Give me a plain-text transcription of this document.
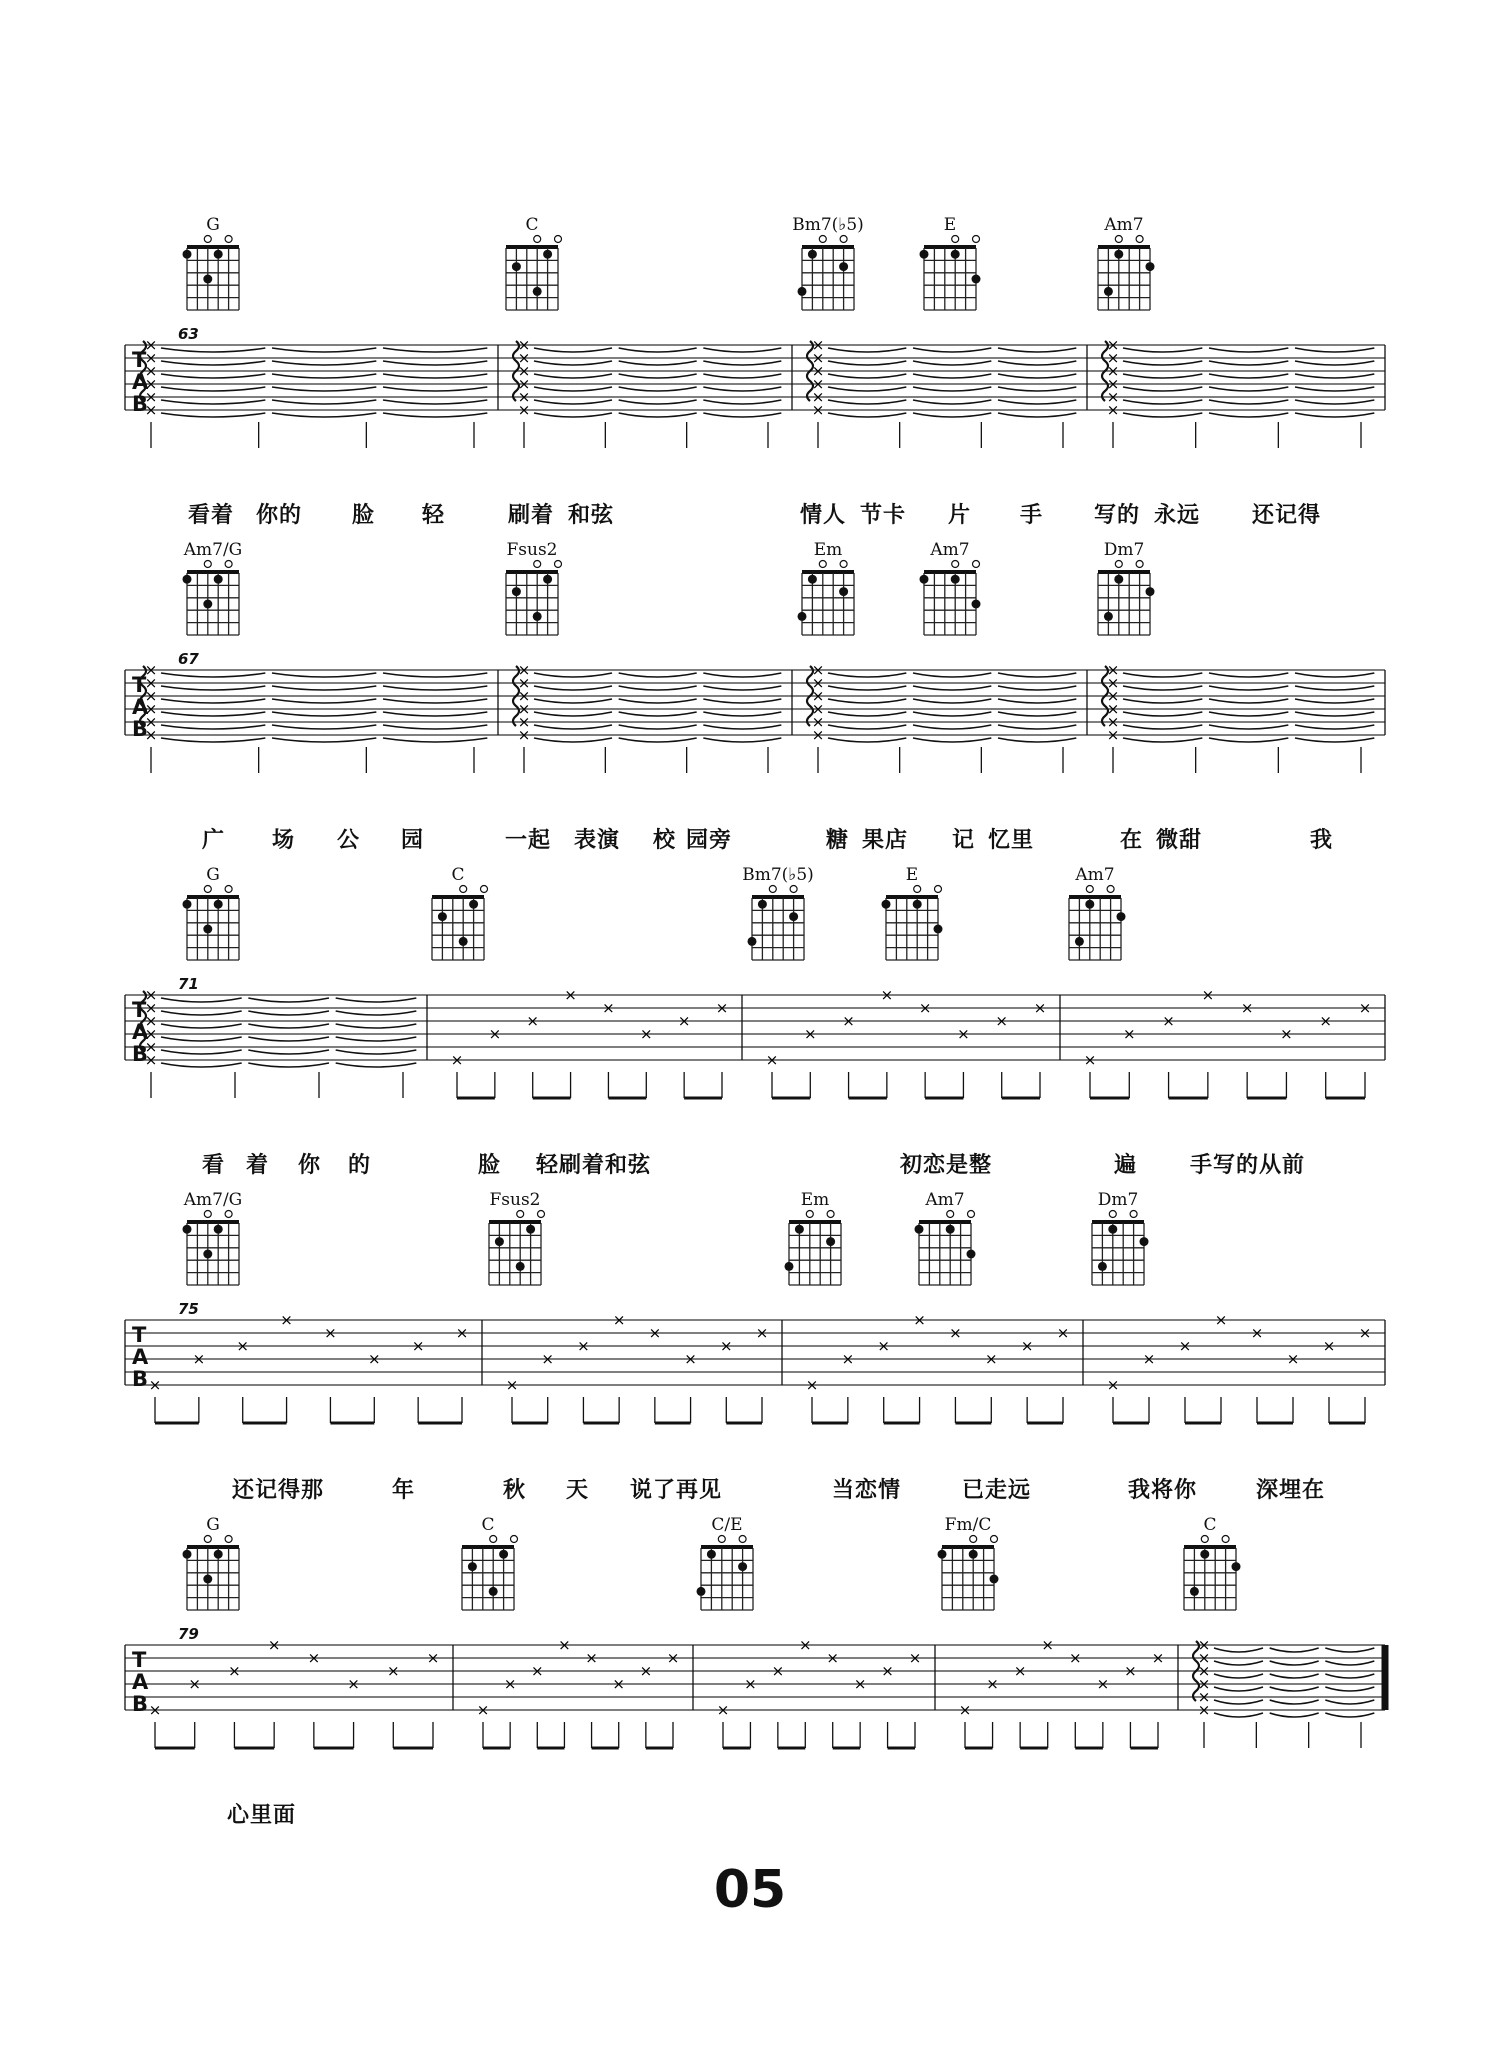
×
×
×
×
×
×
×
×
×
×
×
×
×
×
×
×
×
×
×
×
×
×
×
×
×
×
×
×
×
×
×
×
×
×
×
×
×
×
×
×
×
×
×
×
×
×
×
×
×
×
×
×
×
×	×
×
×
×
×
×
×
×
×
×
×
×
×
×
×
×
×
×
×
×
×
×
×
×
×
×
×
×
×
×
×
×
×
×
×
×
×
×
×
×
×
×
×
×
×
×
×
×
×
×
×
×
×
×
×
×
×
×
×
×
×
×
×
×
×
×
×
×
×
×
×
×
×
×
×
×
×
×
×
×
×
×
×
×
×
×
×
×
×
×
×
×
×
×
G	C	Bm7(♭5)	E	Am7
63
T
A
B
看着 你的 脸 轻	刷着 和弦	情人 节卡 片 手 写的 永远 还记得
Am7/G	Fsus2	Em	Am7	Dm7
67
T
A
B
广 场 公 园	一起 表演 校 园旁	糖 果店 记 忆里	在 微甜	我
G	C	Bm7(♭5)	E	Am7
71
T
A
B
看 着 你 的	脸 轻刷着和弦	初恋是整	遍 手写的从前
Am7/G	Fsus2	Em	Am7	Dm7
75
T
A
B
还记得那	年	秋 天 说了再见	当恋情	已走远	我将你	深埋在
G	C	C/E	Fm/C	C
79
T
A
B
心里面
05
